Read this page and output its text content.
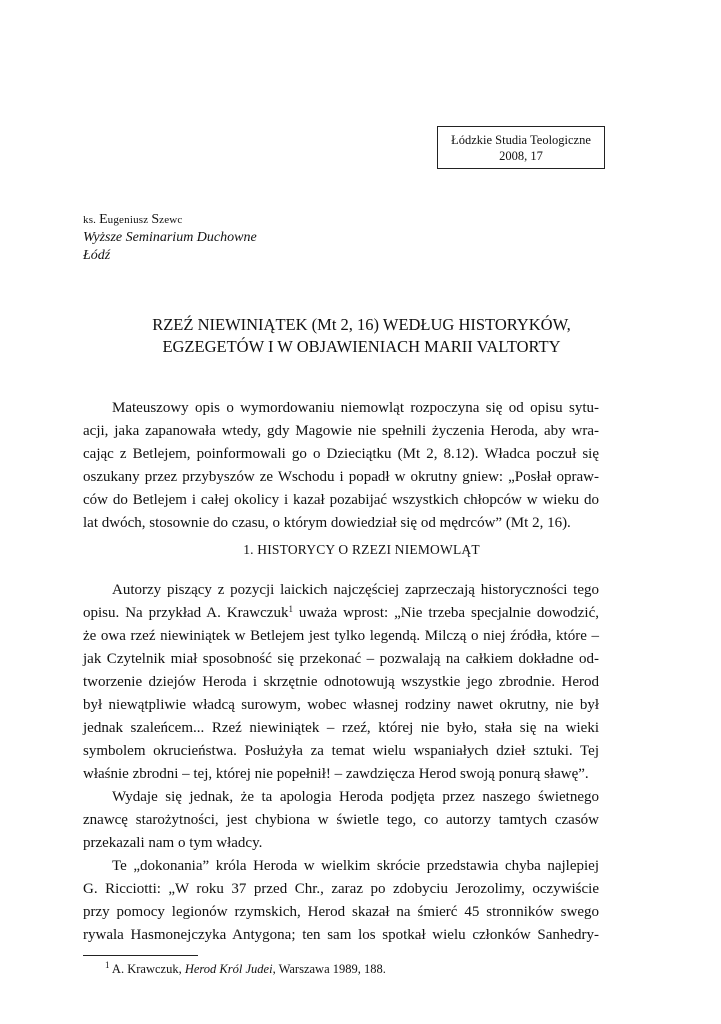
Łódzkie Studia Teologiczne
2008, 17
ks. Eugeniusz Szewc
Wyższe Seminarium Duchowne
Łódź
RZEŹ NIEWINIĄTEK (Mt 2, 16) WEDŁUG HISTORYKÓW,
EGZEGETÓW I W OBJAWIENIACH MARII VALTORTY
Mateuszowy opis o wymordowaniu niemowląt rozpoczyna się od opisu sytu-
acji, jaka zapanowała wtedy, gdy Magowie nie spełnili życzenia Heroda, aby wra-
cając z Betlejem, poinformowali go o Dzieciątku (Mt 2, 8.12). Władca poczuł się
oszukany przez przybyszów ze Wschodu i popadł w okrutny gniew: „Posłał opraw-
ców do Betlejem i całej okolicy i kazał pozabijać wszystkich chłopców w wieku do
lat dwóch, stosownie do czasu, o którym dowiedział się od mędrców” (Mt 2, 16).
1. HISTORYCY O RZEZI NIEMOWLĄT
Autorzy piszący z pozycji laickich najczęściej zaprzeczają historyczności tego
opisu. Na przykład A. Krawczuk$^1$ uważa wprost: „Nie trzeba specjalnie dowodzić,
że owa rzeź niewiniątek w Betlejem jest tylko legendą. Milczą o niej źródła, które –
jak Czytelnik miał sposobność się przekonać – pozwalają na całkiem dokładne od-
tworzenie dziejów Heroda i skrzętnie odnotowują wszystkie jego zbrodnie. Herod
był niewątpliwie władcą surowym, wobec własnej rodziny nawet okrutny, nie był
jednak szaleńcem... Rzeź niewiniątek – rzeź, której nie było, stała się na wieki
symbolem okrucieństwa. Posłużyła za temat wielu wspaniałych dzieł sztuki. Tej
właśnie zbrodni – tej, której nie popełnił! – zawdzięcza Herod swoją ponurą sławę”.
Wydaje się jednak, że ta apologia Heroda podjęta przez naszego świetnego
znawcę starożytności, jest chybiona w świetle tego, co autorzy tamtych czasów
przekazali nam o tym władcy.
Te „dokonania” króla Heroda w wielkim skrócie przedstawia chyba najlepiej
G. Ricciotti: „W roku 37 przed Chr., zaraz po zdobyciu Jerozolimy, oczywiście
przy pomocy legionów rzymskich, Herod skazał na śmierć 45 stronników swego
rywala Hasmonejczyka Antygona; ten sam los spotkał wielu członków Sanhedry-
$^1$ A. Krawczuk, Herod Król Judei, Warszawa 1989, 188.
